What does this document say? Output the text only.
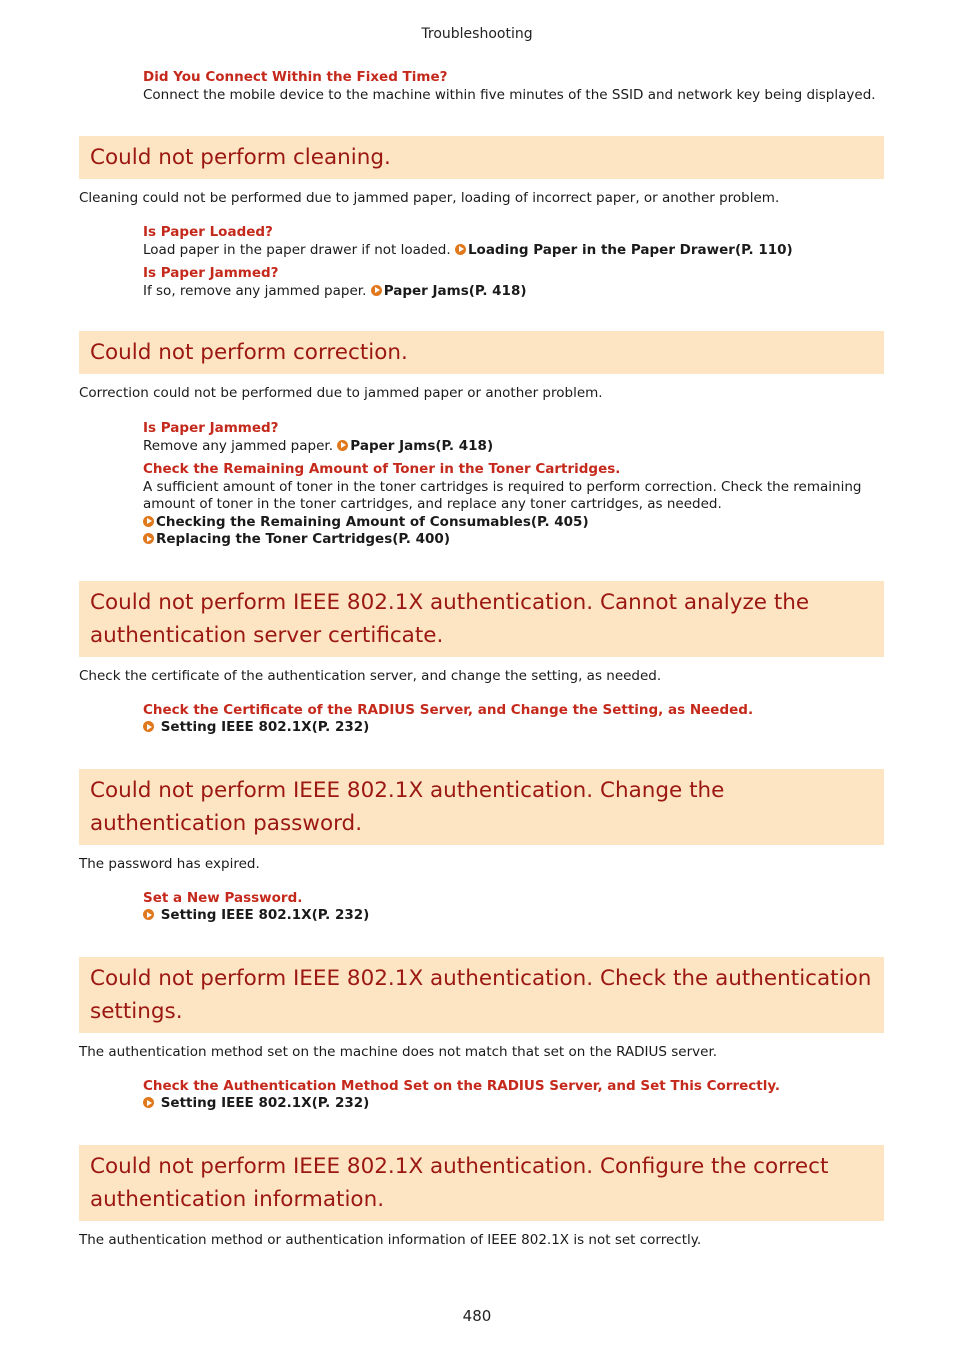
Troubleshooting
Did You Connect Within the Fixed Time?
Connect the mobile device to the machine within five minutes of the SSID and network key being displayed.
Could not perform cleaning.
Cleaning could not be performed due to jammed paper, loading of incorrect paper, or another problem.
Is Paper Loaded?
Load paper in the paper drawer if not loaded. Loading Paper in the Paper Drawer(P. 110)
Is Paper Jammed?
If so, remove any jammed paper. Paper Jams(P. 418)
Could not perform correction.
Correction could not be performed due to jammed paper or another problem.
Is Paper Jammed?
Remove any jammed paper. Paper Jams(P. 418)
Check the Remaining Amount of Toner in the Toner Cartridges.
A sufficient amount of toner in the toner cartridges is required to perform correction. Check the remaining amount of toner in the toner cartridges, and replace any toner cartridges, as needed.
Checking the Remaining Amount of Consumables(P. 405)
Replacing the Toner Cartridges(P. 400)
Could not perform IEEE 802.1X authentication. Cannot analyze the authentication server certificate.
Check the certificate of the authentication server, and change the setting, as needed.
Check the Certificate of the RADIUS Server, and Change the Setting, as Needed.
Setting IEEE 802.1X(P. 232)
Could not perform IEEE 802.1X authentication. Change the authentication password.
The password has expired.
Set a New Password.
Setting IEEE 802.1X(P. 232)
Could not perform IEEE 802.1X authentication. Check the authentication settings.
The authentication method set on the machine does not match that set on the RADIUS server.
Check the Authentication Method Set on the RADIUS Server, and Set This Correctly.
Setting IEEE 802.1X(P. 232)
Could not perform IEEE 802.1X authentication. Configure the correct authentication information.
The authentication method or authentication information of IEEE 802.1X is not set correctly.
480
